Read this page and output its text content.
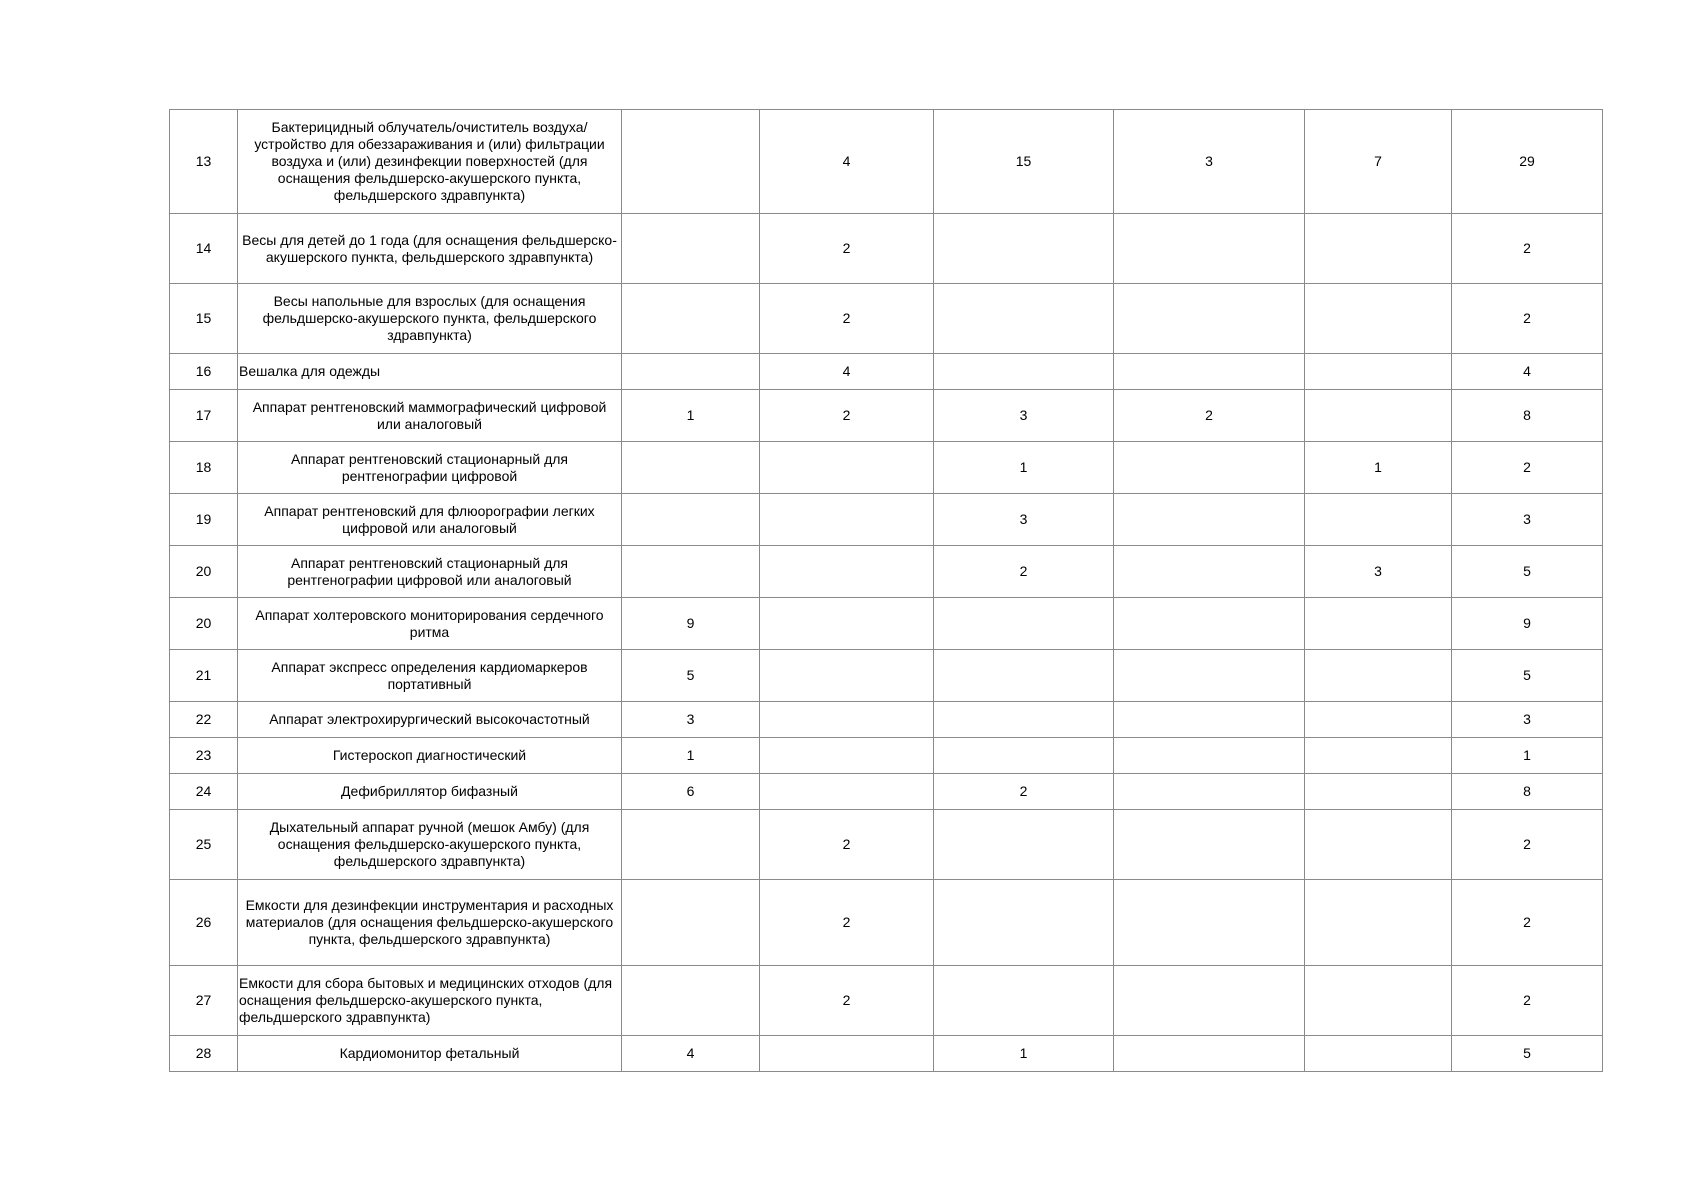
13	Бактерицидный облучатель/очиститель воздуха/устройство для обеззараживания и (или) фильтрации воздуха и (или) дезинфекции поверхностей (для оснащения фельдшерско-акушерского пункта, фельдшерского здравпункта)		4	15	3	7	29
14	Весы для детей до 1 года (для оснащения фельдшерско-акушерского пункта, фельдшерского здравпункта)		2				2
15	Весы напольные для взрослых (для оснащения фельдшерско-акушерского пункта, фельдшерского здравпункта)		2				2
16	Вешалка для одежды		4				4
17	Аппарат рентгеновский маммографический цифровой или аналоговый	1	2	3	2		8
18	Аппарат рентгеновский стационарный для рентгенографии цифровой			1		1	2
19	Аппарат рентгеновский для флюорографии легких цифровой или аналоговый			3			3
20	Аппарат рентгеновский стационарный для рентгенографии цифровой или аналоговый			2		3	5
20	Аппарат холтеровского мониторирования сердечного ритма	9					9
21	Аппарат экспресс определения кардиомаркеров портативный	5					5
22	Аппарат электрохирургический высокочастотный	3					3
23	Гистероскоп диагностический	1					1
24	Дефибриллятор бифазный	6		2			8
25	Дыхательный аппарат ручной (мешок Амбу) (для оснащения фельдшерско-акушерского пункта, фельдшерского здравпункта)		2				2
26	Емкости для дезинфекции инструментария и расходных материалов (для оснащения фельдшерско-акушерского пункта, фельдшерского здравпункта)		2				2
27	Емкости для сбора бытовых и медицинских отходов (для оснащения фельдшерско-акушерского пункта, фельдшерского здравпункта)		2				2
28	Кардиомонитор фетальный	4		1			5
